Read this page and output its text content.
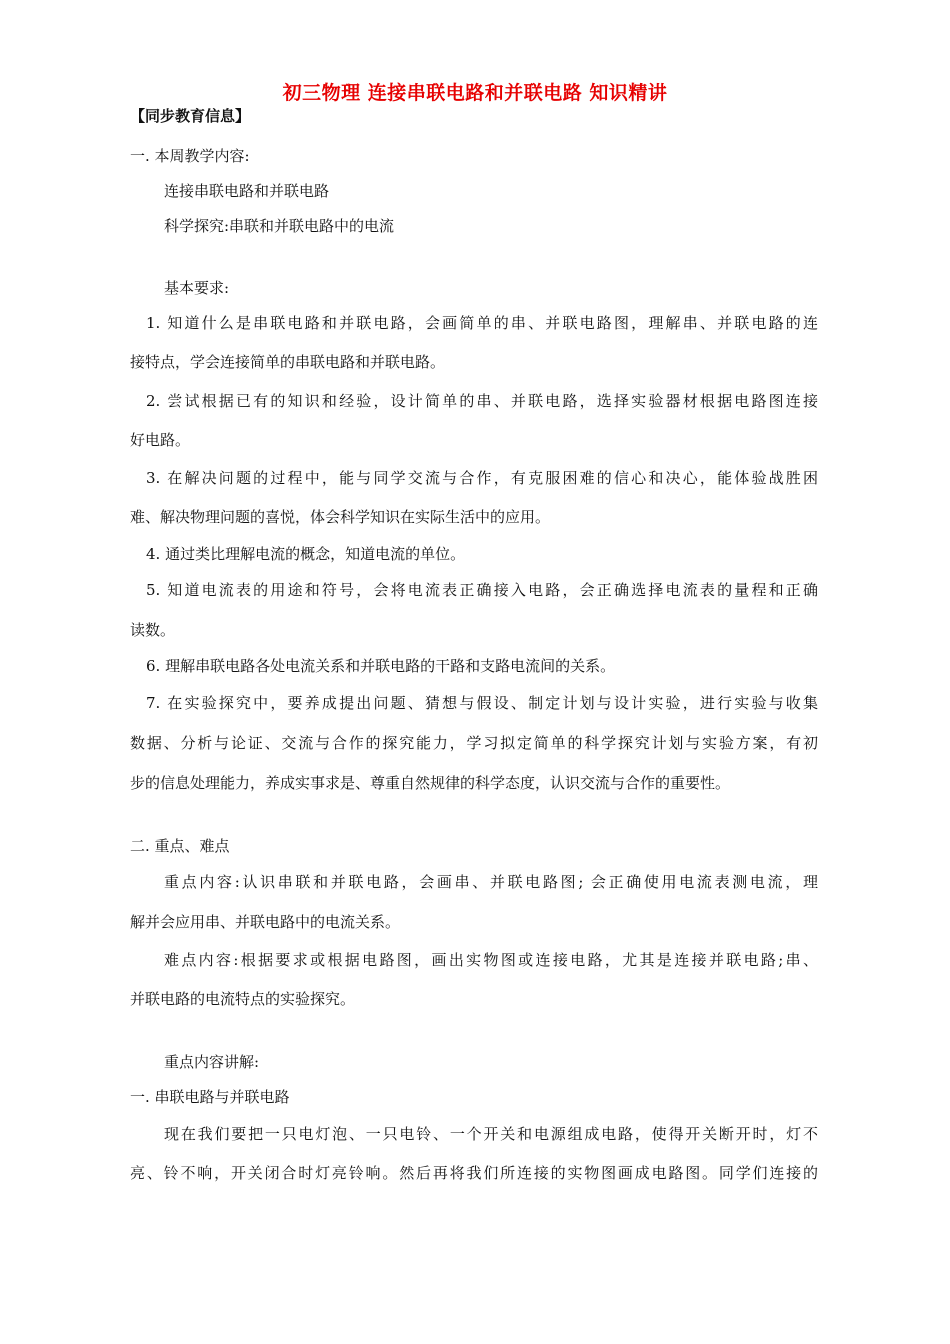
初三物理 连接串联电路和并联电路 知识精讲
【同步教育信息】
一. 本周教学内容:
连接串联电路和并联电路
科学探究:串联和并联电路中的电流
基本要求:
1. 知道什么是串联电路和并联电路，会画简单的串、并联电路图，理解串、并联电路的连
接特点，学会连接简单的串联电路和并联电路。
2. 尝试根据已有的知识和经验，设计简单的串、并联电路，选择实验器材根据电路图连接
好电路。
3. 在解决问题的过程中，能与同学交流与合作，有克服困难的信心和决心，能体验战胜困
难、解决物理问题的喜悦，体会科学知识在实际生活中的应用。
4. 通过类比理解电流的概念，知道电流的单位。
5. 知道电流表的用途和符号，会将电流表正确接入电路，会正确选择电流表的量程和正确
读数。
6. 理解串联电路各处电流关系和并联电路的干路和支路电流间的关系。
7. 在实验探究中，要养成提出问题、猜想与假设、制定计划与设计实验，进行实验与收集
数据、分析与论证、交流与合作的探究能力，学习拟定简单的科学探究计划与实验方案，有初
步的信息处理能力，养成实事求是、尊重自然规律的科学态度，认识交流与合作的重要性。
二. 重点、难点
重点内容:认识串联和并联电路，会画串、并联电路图; 会正确使用电流表测电流，理
解并会应用串、并联电路中的电流关系。
难点内容:根据要求或根据电路图，画出实物图或连接电路，尤其是连接并联电路;串、
并联电路的电流特点的实验探究。
重点内容讲解:
一. 串联电路与并联电路
现在我们要把一只电灯泡、一只电铃、一个开关和电源组成电路，使得开关断开时，灯不
亮、铃不响，开关闭合时灯亮铃响。然后再将我们所连接的实物图画成电路图。同学们连接的
